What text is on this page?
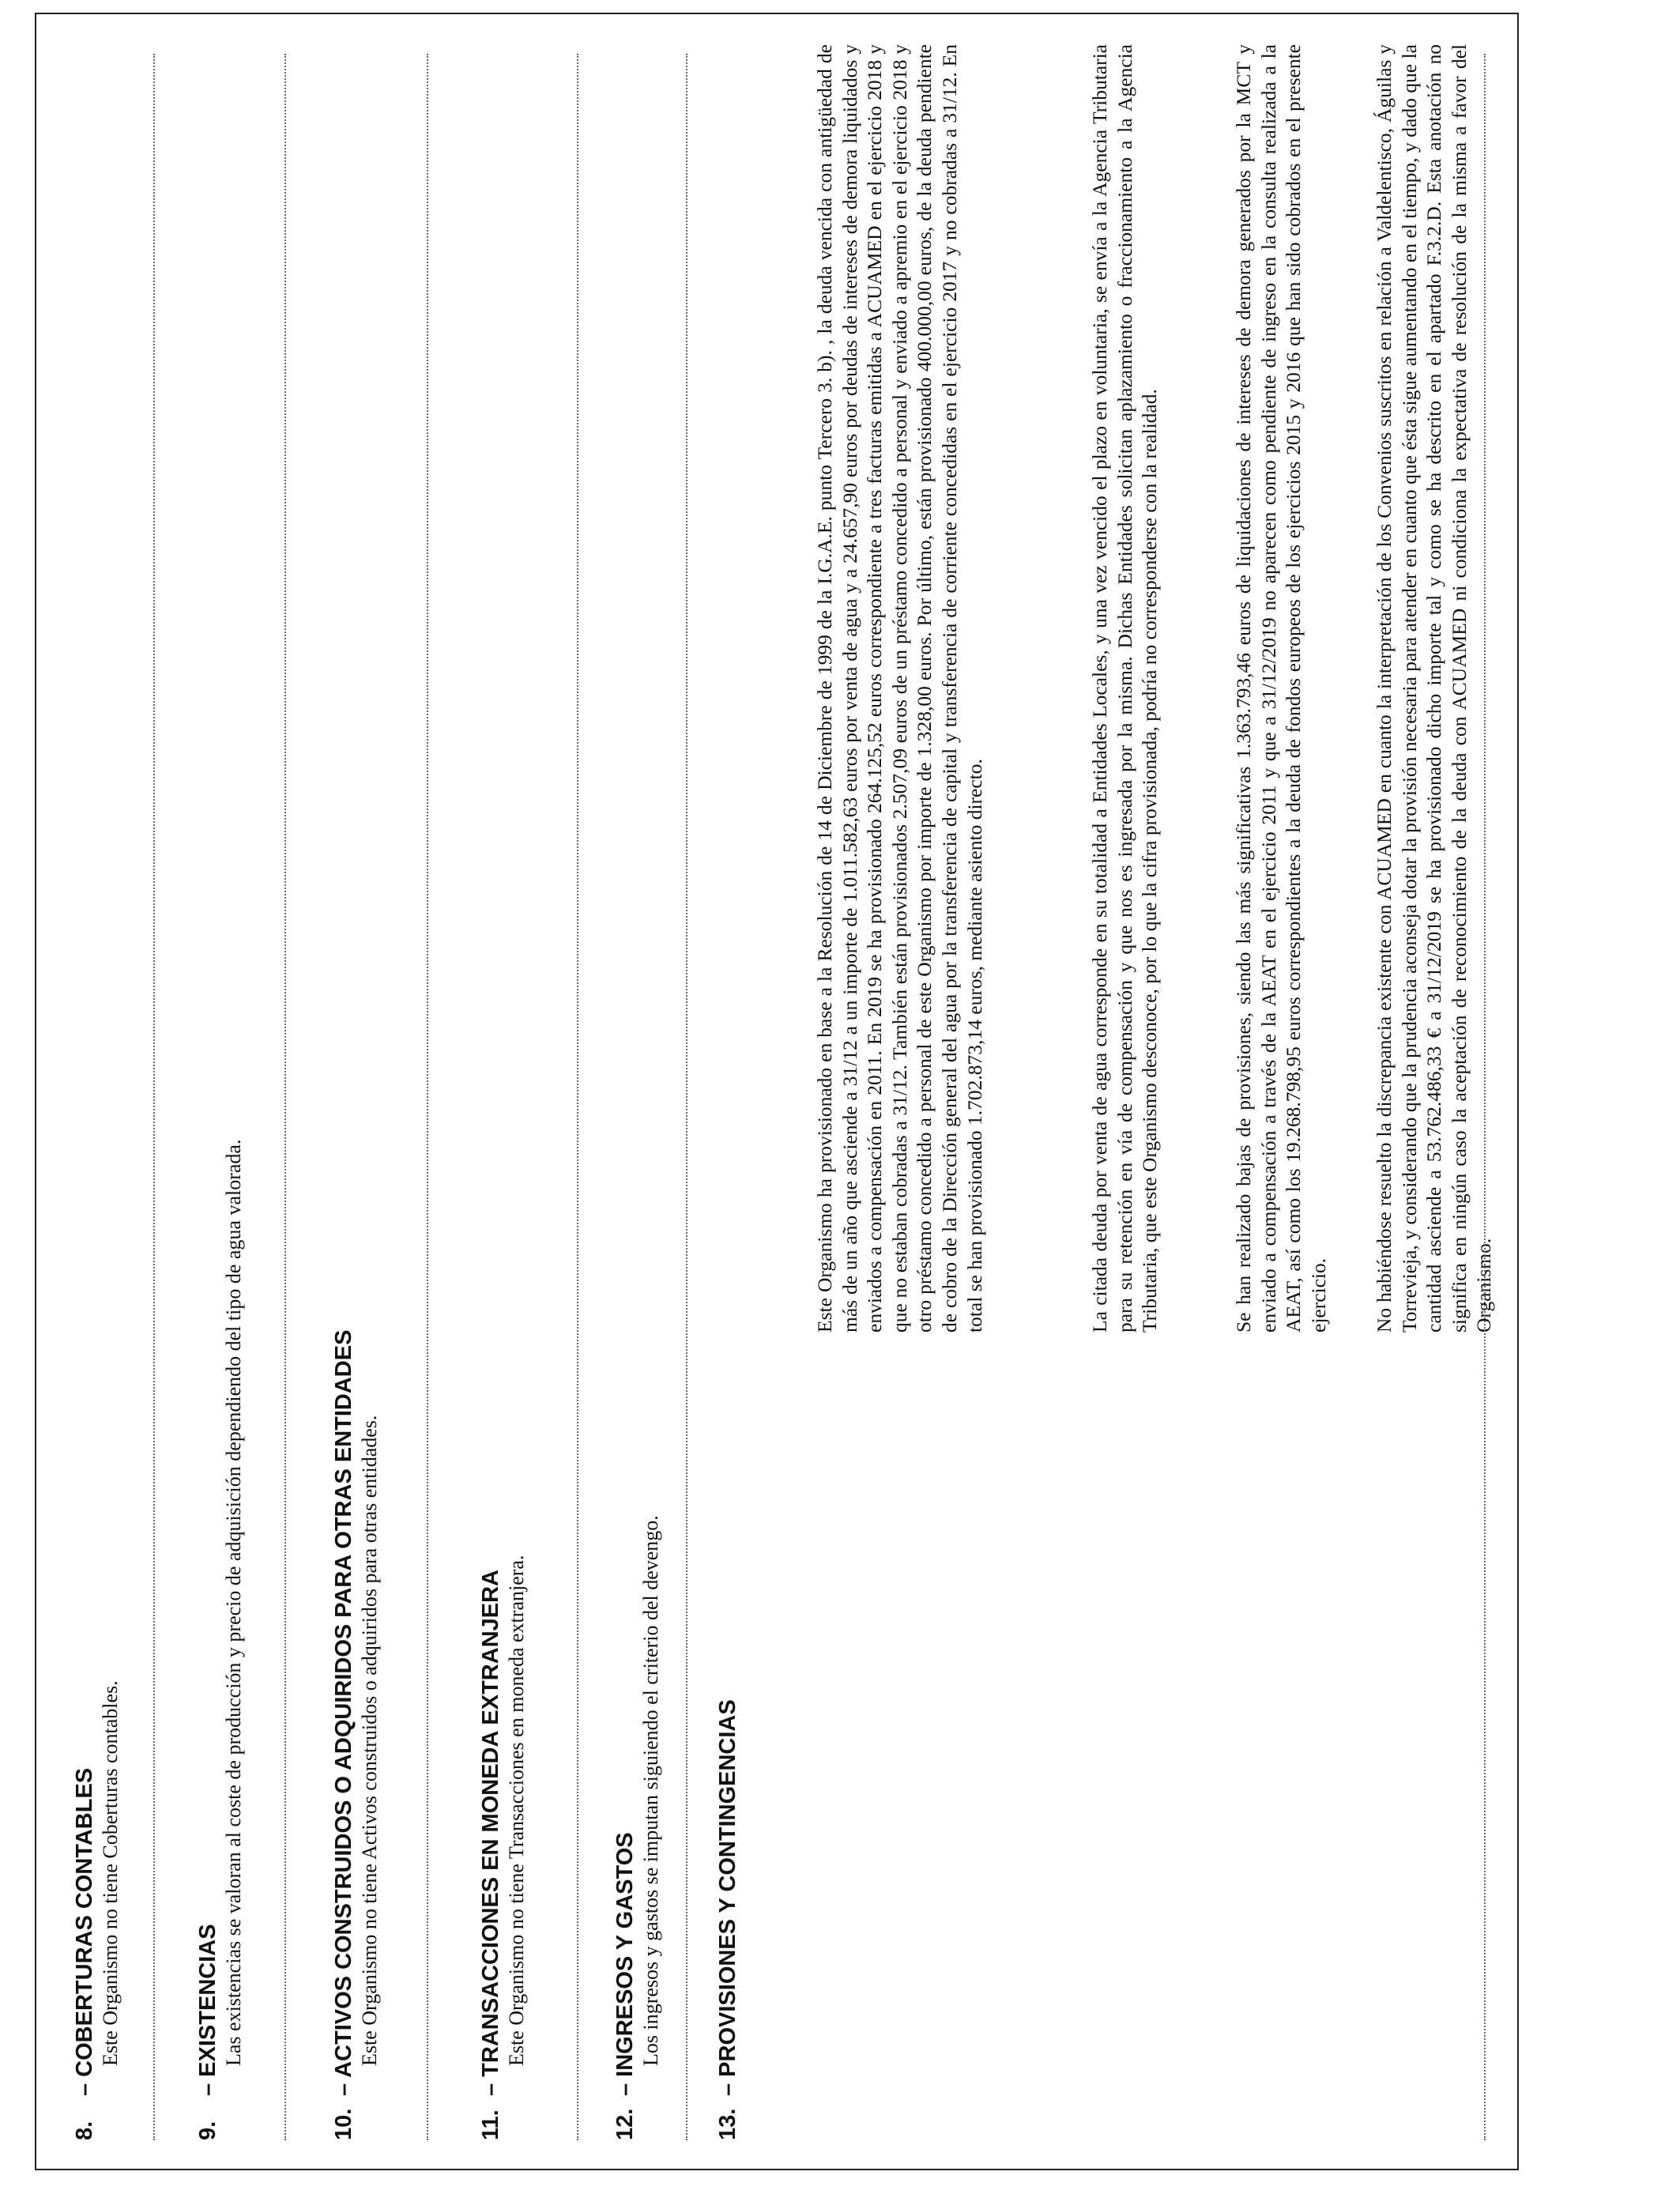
8.– COBERTURAS CONTABLES Este Organismo no tiene Coberturas contables.
9.– EXISTENCIAS Las existencias se valoran al coste de producción y precio de adquisición dependiendo del tipo de agua valorada.
10.– ACTIVOS CONSTRUIDOS O ADQUIRIDOS PARA OTRAS ENTIDADES Este Organismo no tiene Activos construidos o adquiridos para otras entidades.
11.– TRANSACCIONES EN MONEDA EXTRANJERA Este Organismo no tiene Transacciones en moneda extranjera.
12.– INGRESOS Y GASTOS Los ingresos y gastos se imputan siguiendo el criterio del devengo.
13.– PROVISIONES Y CONTINGENCIAS
Este Organismo ha provisionado en base a la Resolución de 14 de Diciembre de 1999 de la I.G.A.E. punto Tercero 3. b). , la deuda vencida con antigüedad de más de un año que asciende a 31/12 a un importe de 1.011.582,63 euros por venta de agua y a 24.657,90 euros por deudas de intereses de demora liquidados y enviados a compensación en 2011. En 2019 se ha provisionado 264.125,52 euros correspondiente a tres facturas emitidas a ACUAMED en el ejercicio 2018 y que no estaban cobradas a 31/12. También están provisionados 2.507,09 euros de un préstamo concedido a personal y enviado a apremio en el ejercicio 2018 y otro préstamo concedido a personal de este Organismo por importe de 1.328,00 euros. Por último, están provisionado 400.000,00 euros, de la deuda pendiente de cobro de la Dirección general del agua por la transferencia de capital y transferencia de corriente concedidas en el ejercicio 2017 y no cobradas a 31/12. En total se han provisionado 1.702.873,14 euros, mediante asiento directo.	La citada deuda por venta de agua corresponde en su totalidad a Entidades Locales, y una vez vencido el plazo en voluntaria, se envía a la Agencia Tributaria para su retención en vía de compensación y que nos es ingresada por la misma. Dichas Entidades solicitan aplazamiento o fraccionamiento a la Agencia Tributaria, que este Organismo desconoce, por lo que la cifra provisionada, podría no corresponderse con la realidad.	Se han realizado bajas de provisiones, siendo las más significativas 1.363.793,46 euros de liquidaciones de intereses de demora generados por la MCT y enviado a compensación a través de la AEAT en el ejercicio 2011 y que a 31/12/2019 no aparecen como pendiente de ingreso en la consulta realizada a la AEAT, así como los 19.268.798,95 euros correspondientes a la deuda de fondos europeos de los ejercicios 2015 y 2016 que han sido cobrados en el presente ejercicio. No habiéndose resuelto la discrepancia existente con ACUAMED en cuanto la interpretación de los Convenios suscritos en relación a Valdelentisco, Águilas y Torrevieja, y considerando que la prudencia aconseja dotar la provisión necesaria para atender en cuanto que ésta sigue aumentando en el tiempo, y dado que la cantidad asciende a 53.762.486,33 € a 31/12/2019 se ha provisionado dicho importe tal y como se ha descrito en el apartado F.3.2.D. Esta anotación no significa en ningún caso la aceptación de reconocimiento de la deuda con ACUAMED ni condiciona la expectativa de resolución de la misma a favor del Organismo.
